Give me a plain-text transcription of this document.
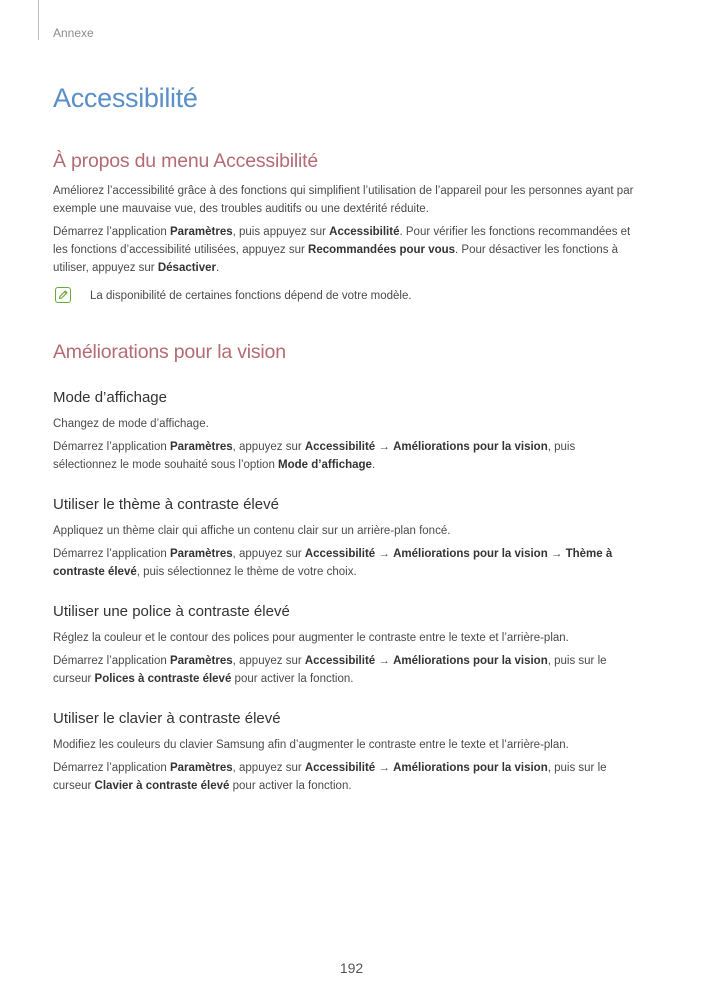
Annexe
Accessibilité
À propos du menu Accessibilité

Améliorez l’accessibilité grâce à des fonctions qui simplifient l’utilisation de l’appareil pour les personnes ayant par exemple une mauvaise vue, des troubles auditifs ou une dextérité réduite.

Démarrez l’application Paramètres, puis appuyez sur Accessibilité. Pour vérifier les fonctions recommandées et les fonctions d’accessibilité utilisées, appuyez sur Recommandées pour vous. Pour désactiver les fonctions à utiliser, appuyez sur Désactiver.

La disponibilité de certaines fonctions dépend de votre modèle.

Améliorations pour la vision
Mode d’affichage

Changez de mode d’affichage.

Démarrez l’application Paramètres, appuyez sur Accessibilité → Améliorations pour la vision, puis sélectionnez le mode souhaité sous l’option Mode d’affichage.

Utiliser le thème à contraste élevé

Appliquez un thème clair qui affiche un contenu clair sur un arrière-plan foncé.

Démarrez l’application Paramètres, appuyez sur Accessibilité → Améliorations pour la vision → Thème à contraste élevé, puis sélectionnez le thème de votre choix.

Utiliser une police à contraste élevé

Réglez la couleur et le contour des polices pour augmenter le contraste entre le texte et l’arrière-plan.

Démarrez l’application Paramètres, appuyez sur Accessibilité → Améliorations pour la vision, puis sur le curseur Polices à contraste élevé pour activer la fonction.

Utiliser le clavier à contraste élevé

Modifiez les couleurs du clavier Samsung afin d’augmenter le contraste entre le texte et l’arrière-plan.

Démarrez l’application Paramètres, appuyez sur Accessibilité → Améliorations pour la vision, puis sur le curseur Clavier à contraste élevé pour activer la fonction.

192
